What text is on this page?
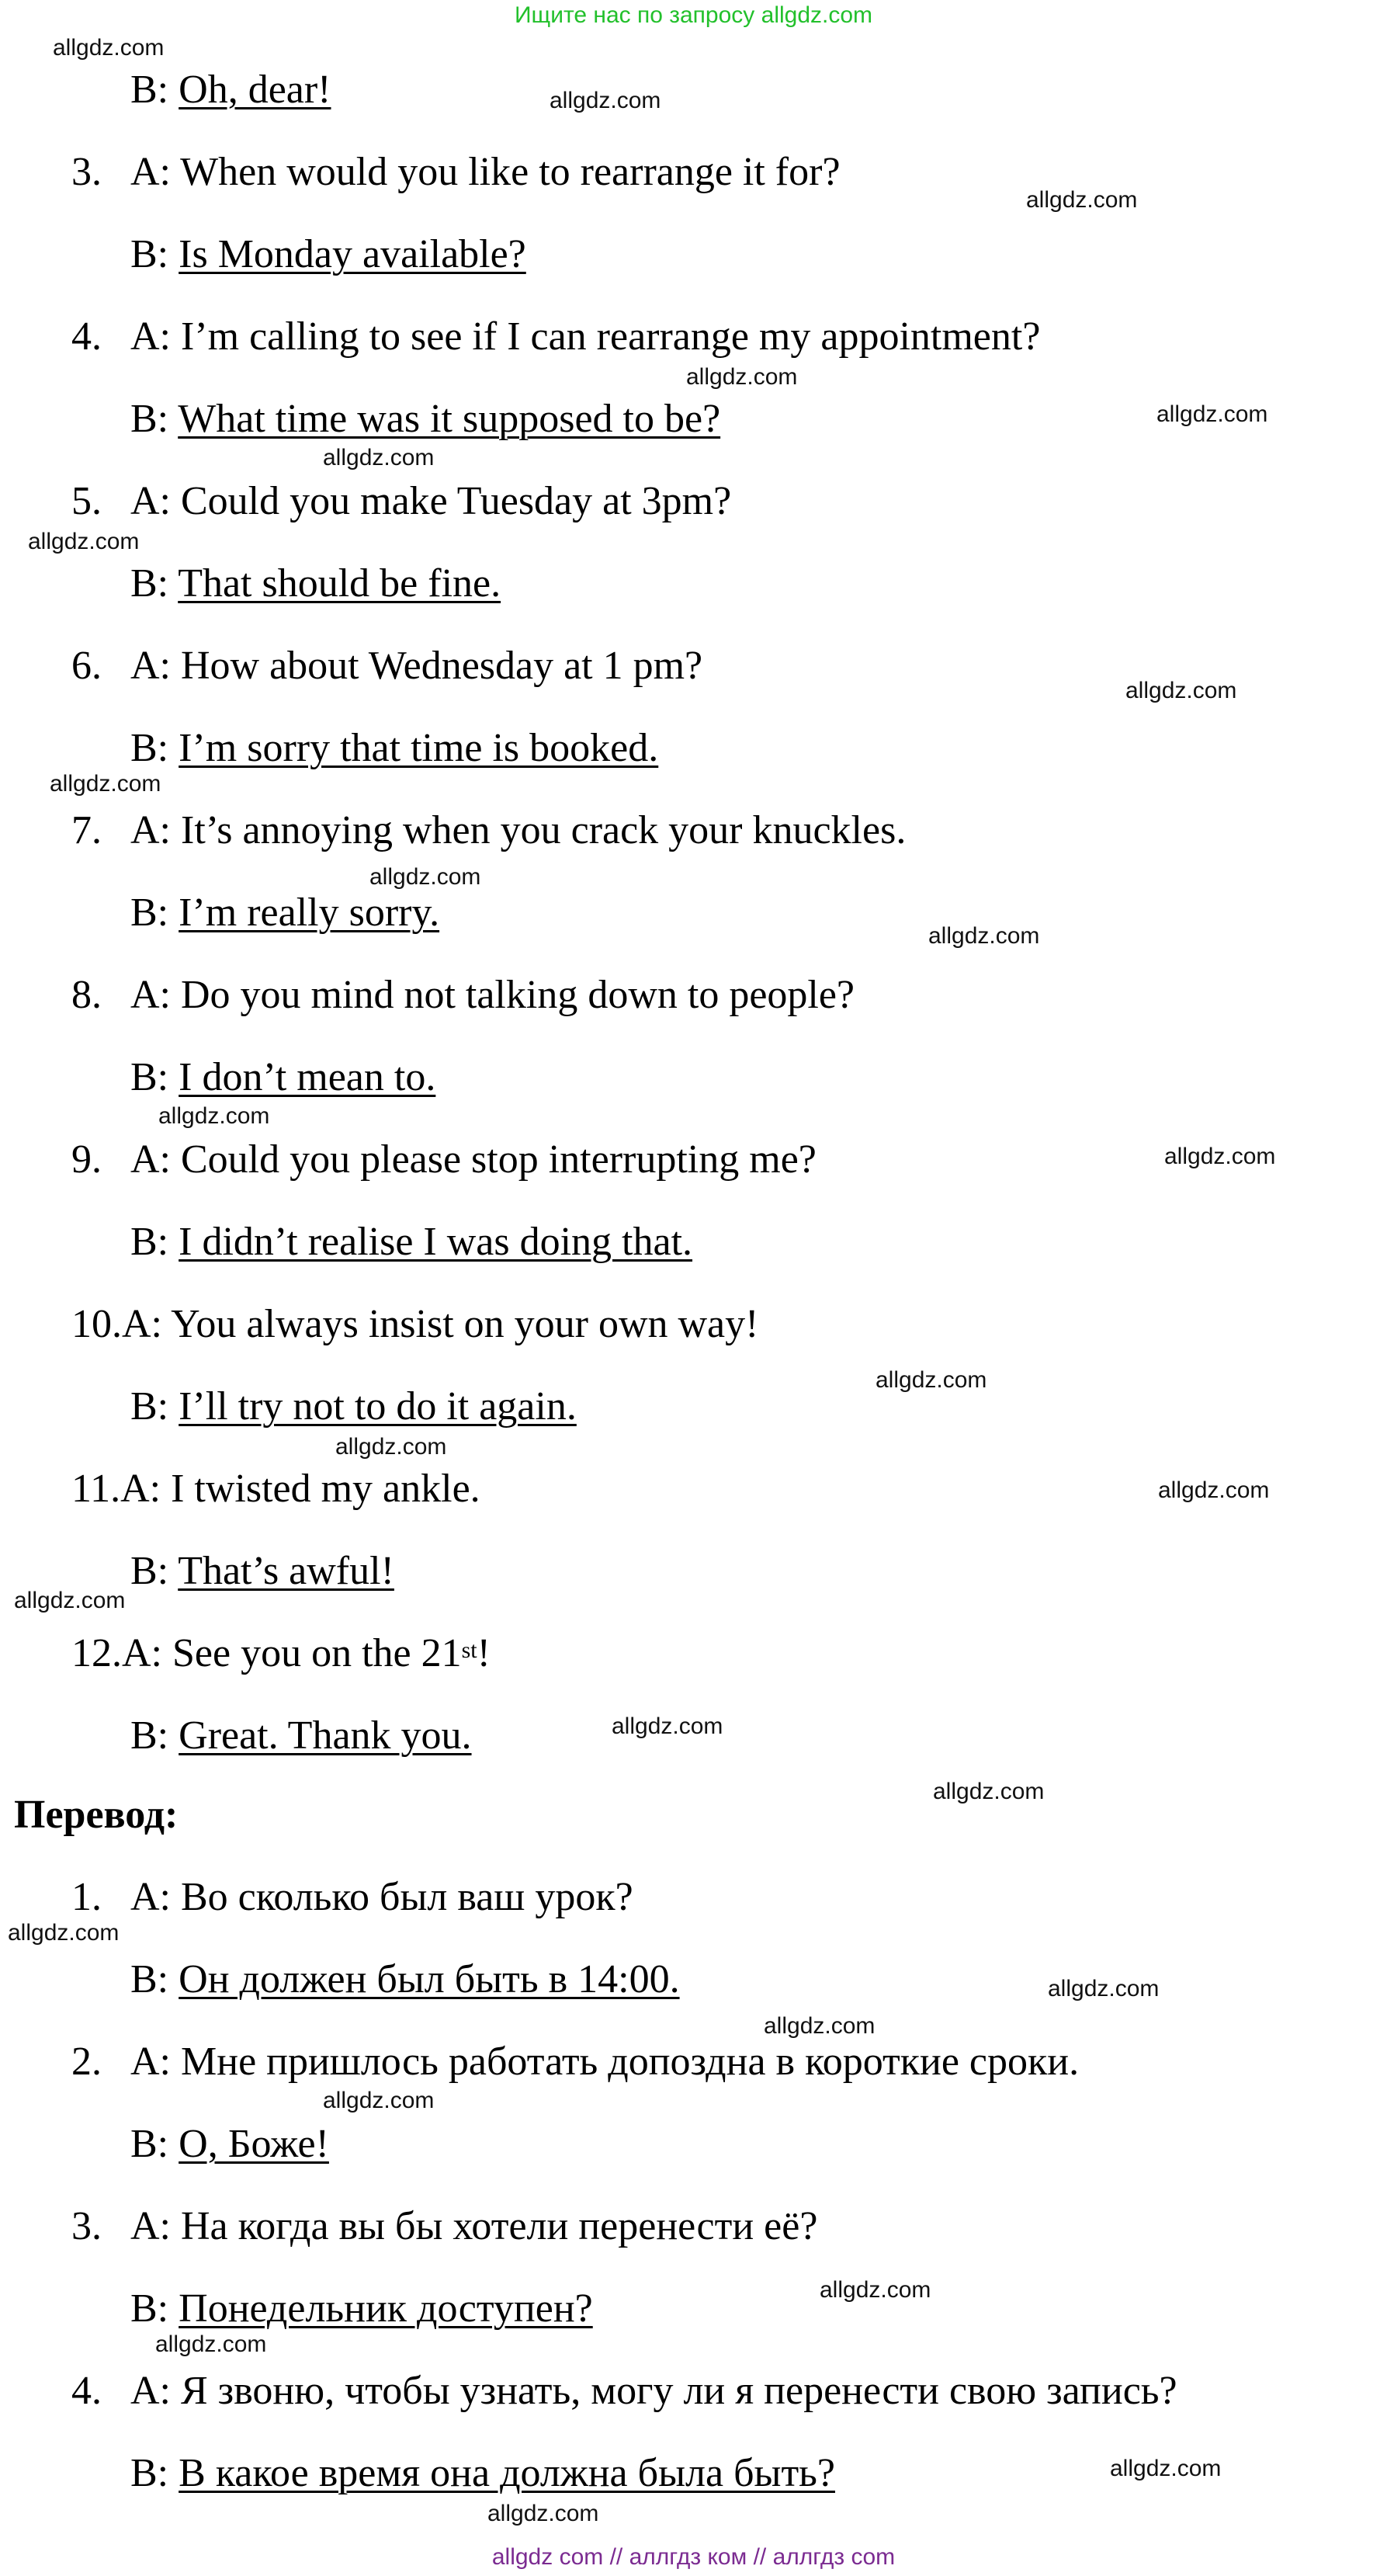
Ищите нас по запросу allgdz.com
B: Oh, dear!
3. A: When would you like to rearrange it for?
B: Is Monday available?
4. A: I’m calling to see if I can rearrange my appointment?
B: What time was it supposed to be?
5. A: Could you make Tuesday at 3pm?
B: That should be fine.
6. A: How about Wednesday at 1 pm?
B: I’m sorry that time is booked.
7. A: It’s annoying when you crack your knuckles.
B: I’m really sorry.
8. A: Do you mind not talking down to people?
B: I don’t mean to.
9. A: Could you please stop interrupting me?
B: I didn’t realise I was doing that.
10.A: You always insist on your own way!
B: I’ll try not to do it again.
11.A: I twisted my ankle.
B: That’s awful!
12.A: See you on the 21st!
B: Great. Thank you.
Перевод:
1. A: Во сколько был ваш урок?
B: Он должен был быть в 14:00.
2. A: Мне пришлось работать допоздна в короткие сроки.
B: О, Боже!
3. A: На когда вы бы хотели перенести её?
B: Понедельник доступен?
4. A: Я звоню, чтобы узнать, могу ли я перенести свою запись?
B: В какое время она должна была быть?
allgdz.com
allgdz.com
allgdz.com
allgdz.com
allgdz.com
allgdz.com
allgdz.com
allgdz.com
allgdz.com
allgdz.com
allgdz.com
allgdz.com
allgdz.com
allgdz.com
allgdz.com
allgdz.com
allgdz.com
allgdz.com
allgdz.com
allgdz.com
allgdz.com
allgdz.com
allgdz.com
allgdz.com
allgdz.com
allgdz.com
allgdz.com
allgdz com // аллгдз ком // аллгдз com
